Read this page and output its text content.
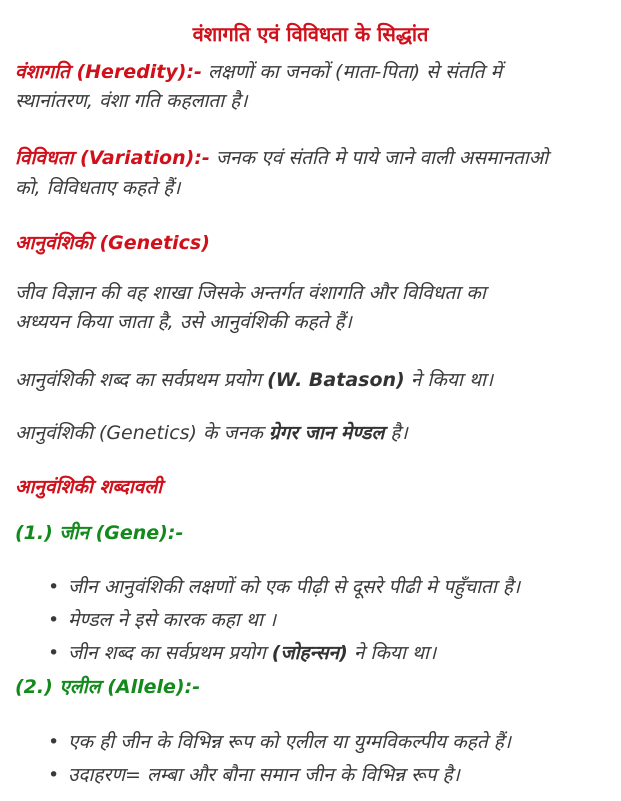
वंशागति एवं विविधता के सिद्धांत
वंशागति (Heredity):- लक्षणों का जनकों (माता-पिता) से संतति में
स्थानांतरण, वंशा गति कहलाता है।
विविधता (Variation):- जनक एवं संतति मे पाये जाने वाली असमानताओ
को, विविधताए कहते हैं।
आनुवंशिकी (Genetics)
जीव विज्ञान की वह शाखा जिसके अन्तर्गत वंशागति और विविधता का
अध्ययन किया जाता है, उसे आनुवंशिकी कहते हैं।
आनुवंशिकी शब्द का सर्वप्रथम प्रयोग (W. Batason) ने किया था।
आनुवंशिकी (Genetics) के जनक ग्रेगर जान मेण्डल है।
आनुवंशिकी शब्दावली
(1.) जीन (Gene):-
• जीन आनुवंशिकी लक्षणों को एक पीढ़ी से दूसरे पीढी मे पहुँचाता है।
• मेण्डल ने इसे कारक कहा था ।
• जीन शब्द का सर्वप्रथम प्रयोग (जोहन्सन) ने किया था।
(2.) एलील (Allele):-
• एक ही जीन के विभिन्न रूप को एलील या युग्मविकल्पीय कहते हैं।
• उदाहरण= लम्बा और बौना समान जीन के विभिन्न रूप है।
